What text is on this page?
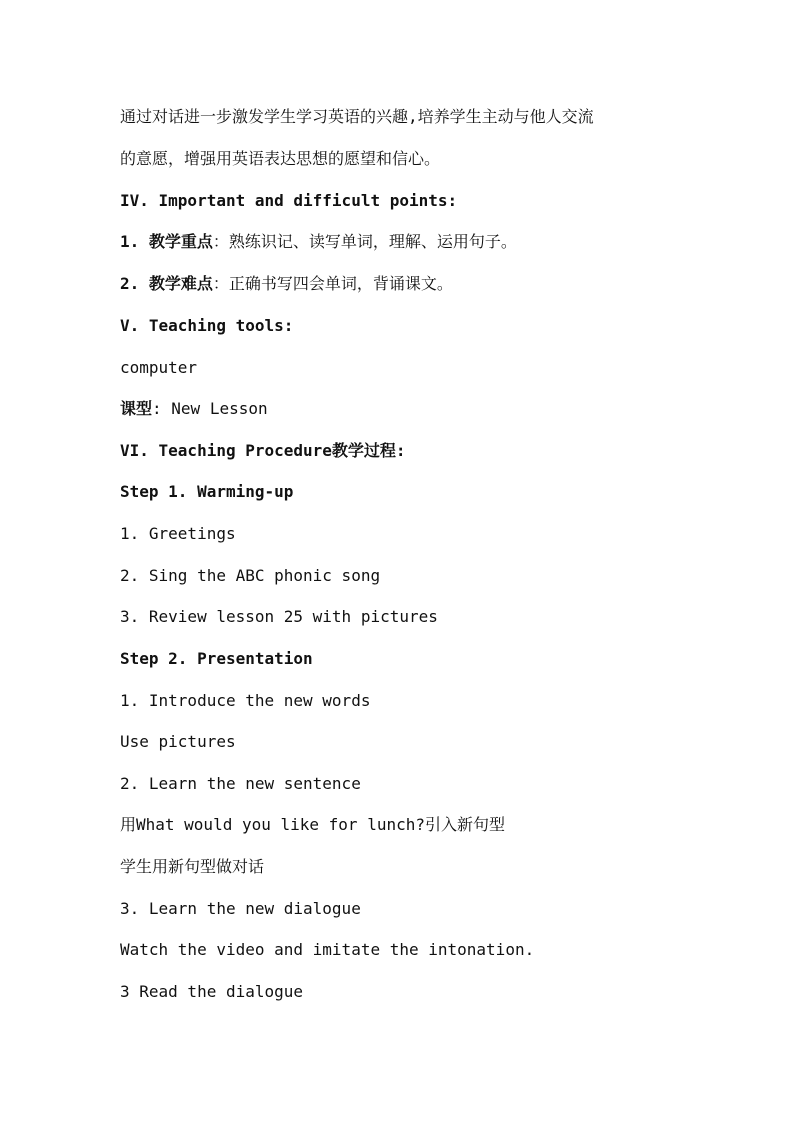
通过对话进一步激发学生学习英语的兴趣,培养学生主动与他人交流
的意愿，增强用英语表达思想的愿望和信心。
IV. Important and difficult points:
1. 教学重点：熟练识记、读写单词，理解、运用句子。
2. 教学难点：正确书写四会单词，背诵课文。
V. Teaching tools:
computer
课型: New Lesson
VI. Teaching Procedure教学过程:
Step 1. Warming-up
1. Greetings
2. Sing the ABC phonic song
3. Review lesson 25 with pictures
Step 2. Presentation
1. Introduce the new words
Use pictures
2. Learn the new sentence
用What would you like for lunch?引入新句型
学生用新句型做对话
3. Learn the new dialogue
Watch the video and imitate the intonation.
3 Read the dialogue
